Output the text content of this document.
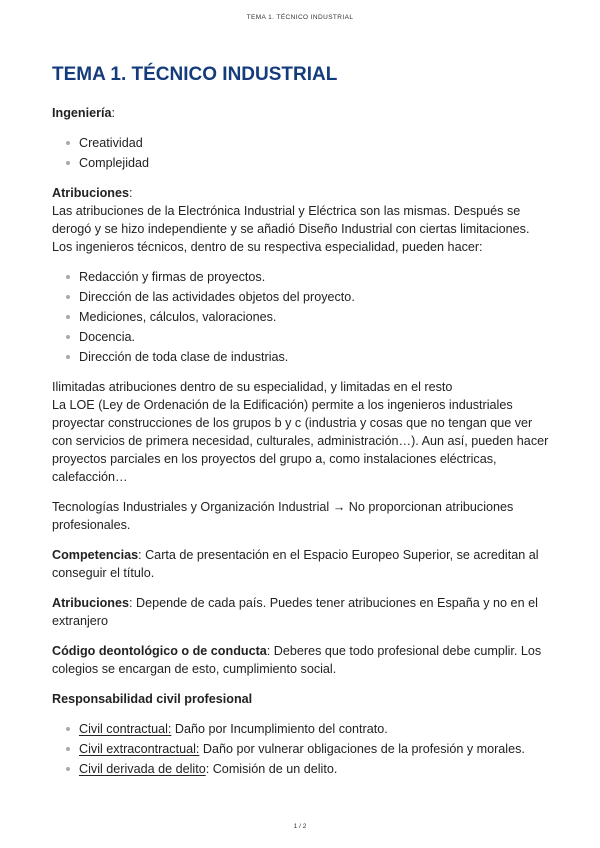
TEMA 1. TÉCNICO INDUSTRIAL
TEMA 1. TÉCNICO INDUSTRIAL

Ingeniería:

Creatividad
Complejidad

Atribuciones:
Las atribuciones de la Electrónica Industrial y Eléctrica son las mismas. Después se derogó y se hizo independiente y se añadió Diseño Industrial con ciertas limitaciones. Los ingenieros técnicos, dentro de su respectiva especialidad, pueden hacer:

Redacción y firmas de proyectos.
Dirección de las actividades objetos del proyecto.
Mediciones, cálculos, valoraciones.
Docencia.
Dirección de toda clase de industrias.

Ilimitadas atribuciones dentro de su especialidad, y limitadas en el resto
La LOE (Ley de Ordenación de la Edificación) permite a los ingenieros industriales proyectar construcciones de los grupos b y c (industria y cosas que no tengan que ver con servicios de primera necesidad, culturales, administración…). Aun así, pueden hacer proyectos parciales en los proyectos del grupo a, como instalaciones eléctricas, calefacción…

Tecnologías Industriales y Organización Industrial → No proporcionan atribuciones profesionales.

Competencias: Carta de presentación en el Espacio Europeo Superior, se acreditan al conseguir el título.

Atribuciones: Depende de cada país. Puedes tener atribuciones en España y no en el extranjero

Código deontológico o de conducta: Deberes que todo profesional debe cumplir. Los colegios se encargan de esto, cumplimiento social.

Responsabilidad civil profesional

Civil contractual: Daño por Incumplimiento del contrato.
Civil extracontractual: Daño por vulnerar obligaciones de la profesión y morales.
Civil derivada de delito: Comisión de un delito.
1 / 2
